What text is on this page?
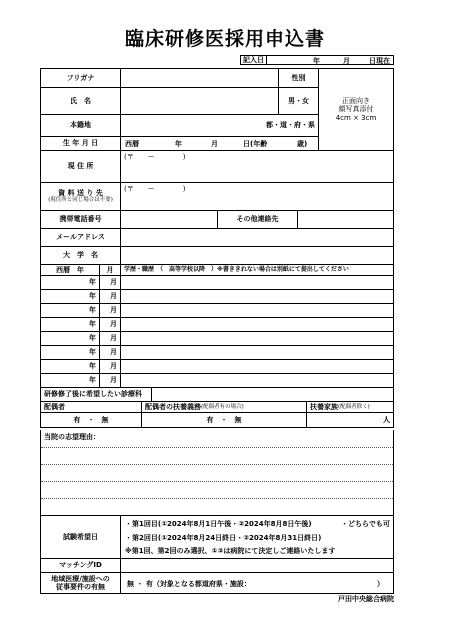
臨床研修医採用申込書
記入日	年	月	日現在
フリガナ	性別
正面向き
顔写真添付
4cm × 3cm
氏　名	男・女
本籍地	都・道・府・県
生 年 月 日	西暦	年	月	日(年齢	歳)
現 住 所
(〒　　ー　　　　)
資 料 送 り 先
(現住所と同じ場合は不要)
(〒　　ー　　　　)
携帯電話番号	その他連絡先
メールアドレス
大　学　名
西暦　年	月	学歴・職歴　（　高等学校以降　）※書ききれない場合は別紙にて提出してください
年	月
年	月
年	月
年	月
年	月
年	月
年	月
年	月
研修修了後に希望したい診療科
配偶者	配偶者の扶養義務 (配偶者有の場合)	扶養家族 (配偶者除く)
有　・　無	有　・　無	人
当院の志望理由：
試験希望日
・第1回目(①2024年8月1日午後・②2024年8月8日午後)	・どちらでも可
・第2回目(①2024年8月24日終日・②2024年8月31日終日)
※第1回、第2回のみ選択、①②は病院にて決定しご連絡いたします
マッチングID
地域医療/施設への
従事要件の有無	無 ・ 有（対象となる都道府県・施設：	）
戸田中央総合病院
